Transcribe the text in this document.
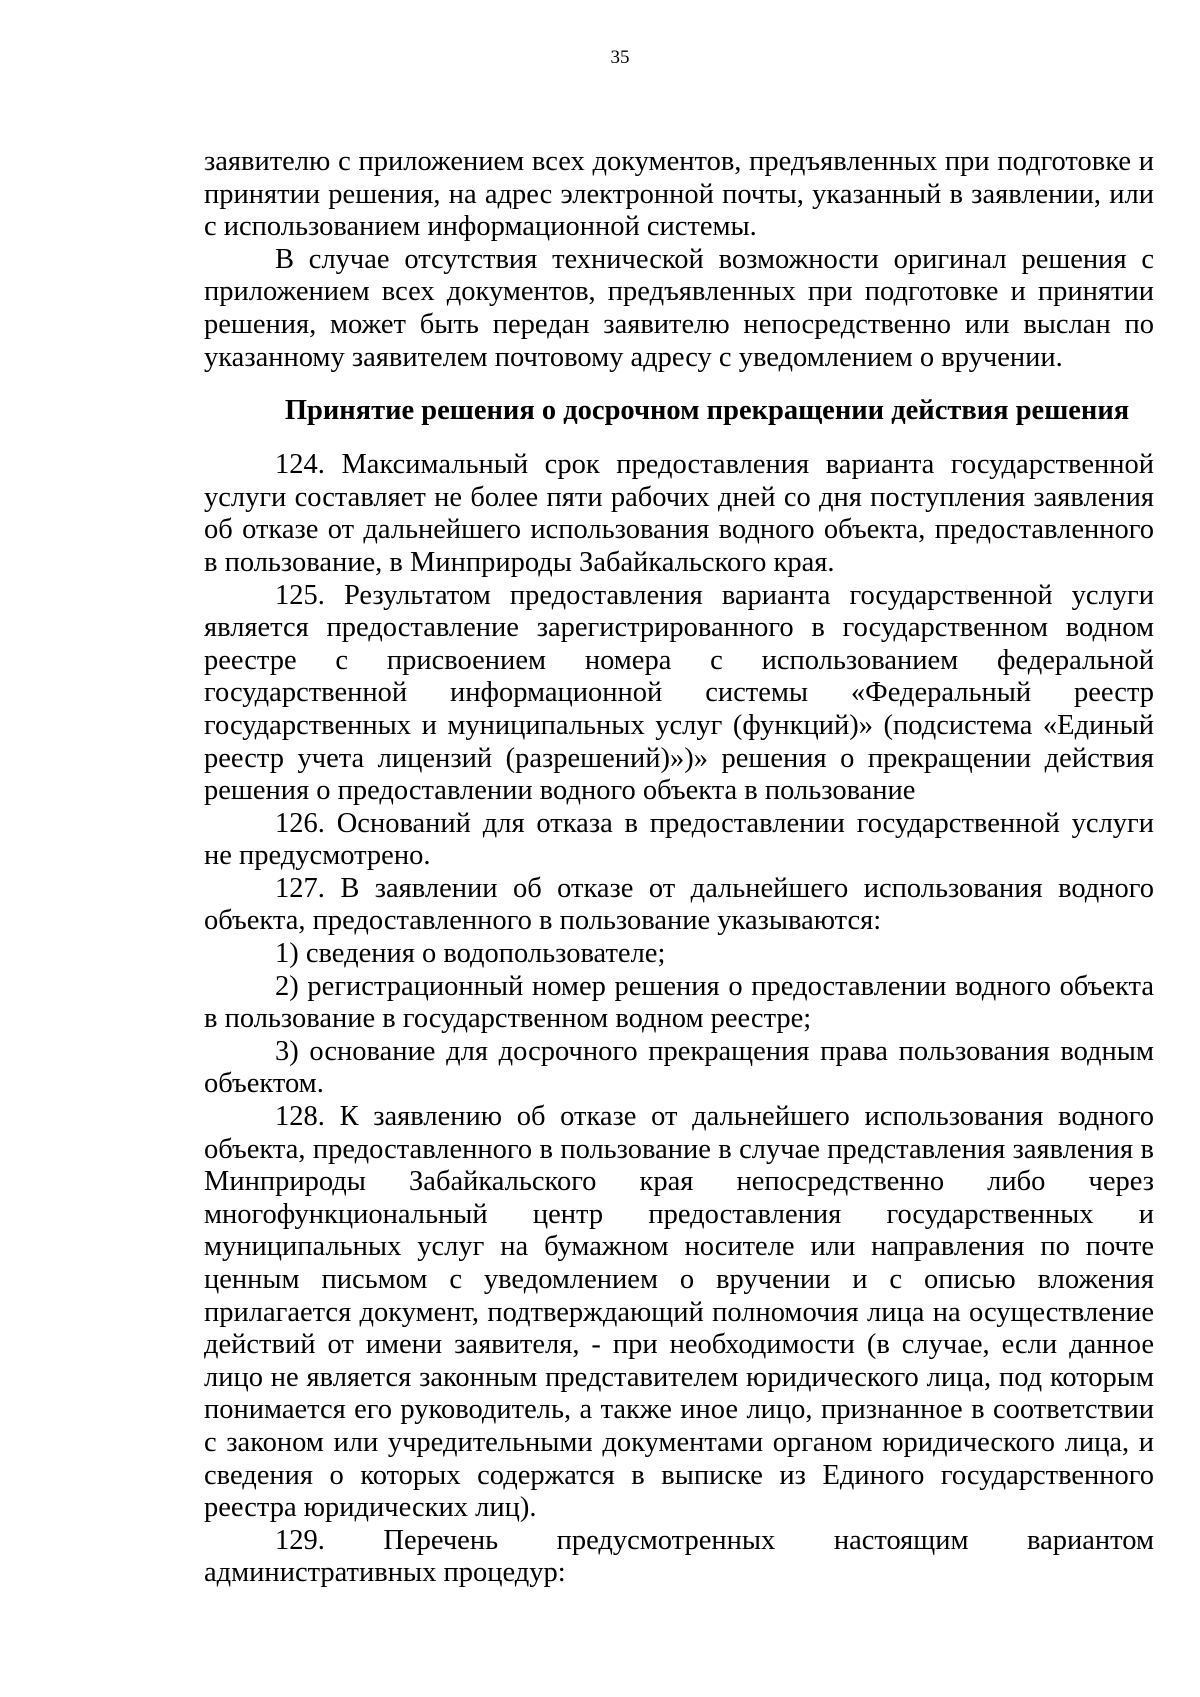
35

заявителю с приложением всех документов, предъявленных при подготовке и принятии решения, на адрес электронной почты, указанный в заявлении, или с использованием информационной системы.

В случае отсутствия технической возможности оригинал решения с приложением всех документов, предъявленных при подготовке и принятии решения, может быть передан заявителю непосредственно или выслан по указанному заявителем почтовому адресу с уведомлением о вручении.

Принятие решения о досрочном прекращении действия решения

124. Максимальный срок предоставления варианта государственной услуги составляет не более пяти рабочих дней со дня поступления заявления об отказе от дальнейшего использования водного объекта, предоставленного в пользование, в Минприроды Забайкальского края.

125. Результатом предоставления варианта государственной услуги является предоставление зарегистрированного в государственном водном реестре с присвоением номера с использованием федеральной государственной информационной системы «Федеральный реестр государственных и муниципальных услуг (функций)» (подсистема «Единый реестр учета лицензий (разрешений)»)» решения о прекращении действия решения о предоставлении водного объекта в пользование

126. Оснований для отказа в предоставлении государственной услуги не предусмотрено.

127. В заявлении об отказе от дальнейшего использования водного объекта, предоставленного в пользование указываются:

1) сведения о водопользователе;

2) регистрационный номер решения о предоставлении водного объекта в пользование в государственном водном реестре;

3) основание для досрочного прекращения права пользования водным объектом.

128. К заявлению об отказе от дальнейшего использования водного объекта, предоставленного в пользование в случае представления заявления в Минприроды Забайкальского края непосредственно либо через многофункциональный центр предоставления государственных и муниципальных услуг на бумажном носителе или направления по почте ценным письмом с уведомлением о вручении и с описью вложения прилагается документ, подтверждающий полномочия лица на осуществление действий от имени заявителя, - при необходимости (в случае, если данное лицо не является законным представителем юридического лица, под которым понимается его руководитель, а также иное лицо, признанное в соответствии с законом или учредительными документами органом юридического лица, и сведения о которых содержатся в выписке из Единого государственного реестра юридических лиц).

129. Перечень предусмотренных настоящим вариантом административных процедур:
